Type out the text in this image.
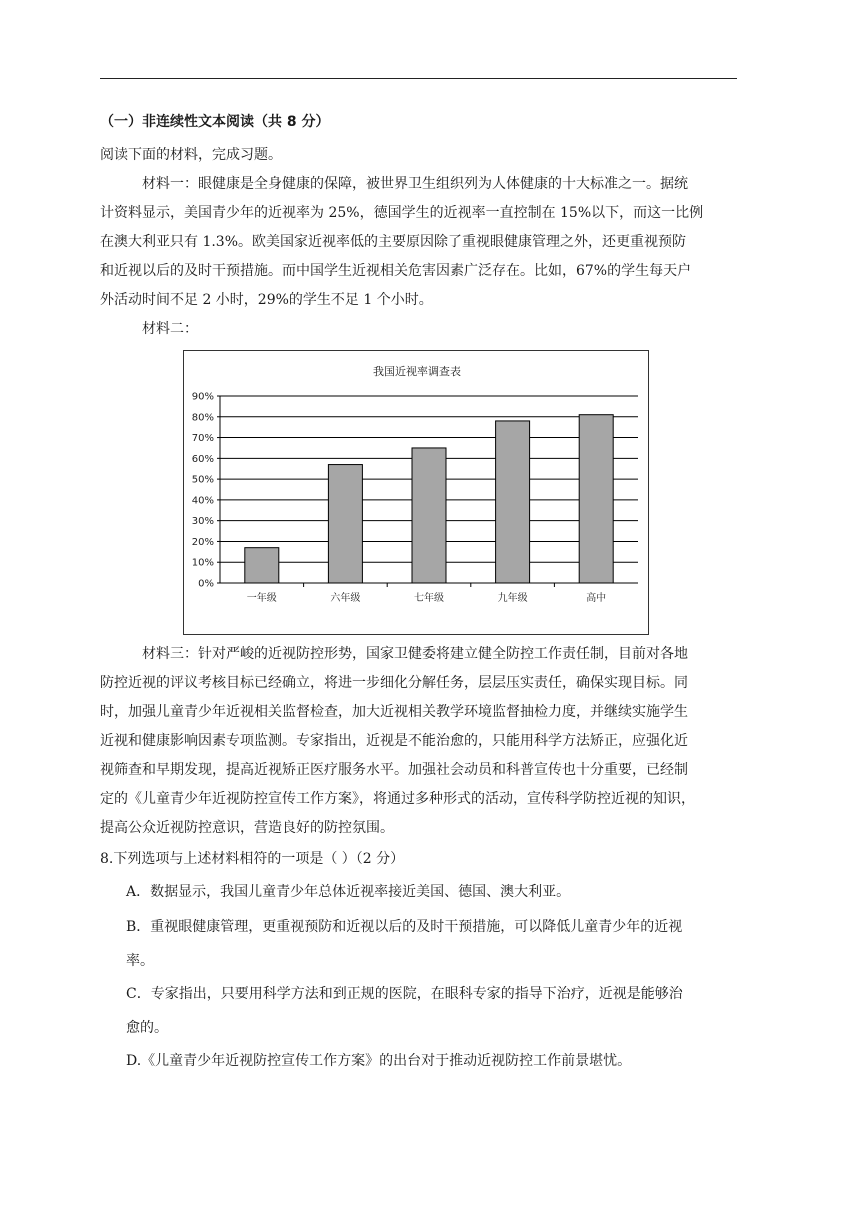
（一）非连续性文本阅读（共 8 分）

阅读下面的材料，完成习题。

材料一：眼健康是全身健康的保障，被世界卫生组织列为人体健康的十大标准之一。据统

计资料显示，美国青少年的近视率为 25%，德国学生的近视率一直控制在 15%以下，而这一比例

在澳大利亚只有 1.3%。欧美国家近视率低的主要原因除了重视眼健康管理之外，还更重视预防

和近视以后的及时干预措施。而中国学生近视相关危害因素广泛存在。比如，67%的学生每天户

外活动时间不足 2 小时，29%的学生不足 1 个小时。

材料二：

我国近视率调查表
0%
10%
20%
30%
40%
50%
60%
70%
80%
90%
一年级	六年级	七年级	九年级	高中

材料三：针对严峻的近视防控形势，国家卫健委将建立健全防控工作责任制，目前对各地

防控近视的评议考核目标已经确立，将进一步细化分解任务，层层压实责任，确保实现目标。同

时，加强儿童青少年近视相关监督检查，加大近视相关教学环境监督抽检力度，并继续实施学生

近视和健康影响因素专项监测。专家指出，近视是不能治愈的，只能用科学方法矫正，应强化近

视筛查和早期发现，提高近视矫正医疗服务水平。加强社会动员和科普宣传也十分重要，已经制

定的《儿童青少年近视防控宣传工作方案》，将通过多种形式的活动，宣传科学防控近视的知识，

提高公众近视防控意识，营造良好的防控氛围。

8.下列选项与上述材料相符的一项是（ ）（2 分）

A．数据显示，我国儿童青少年总体近视率接近美国、德国、澳大利亚。

B．重视眼健康管理，更重视预防和近视以后的及时干预措施，可以降低儿童青少年的近视

率。

C．专家指出，只要用科学方法和到正规的医院，在眼科专家的指导下治疗，近视是能够治

愈的。

D.《儿童青少年近视防控宣传工作方案》的出台对于推动近视防控工作前景堪忧。
